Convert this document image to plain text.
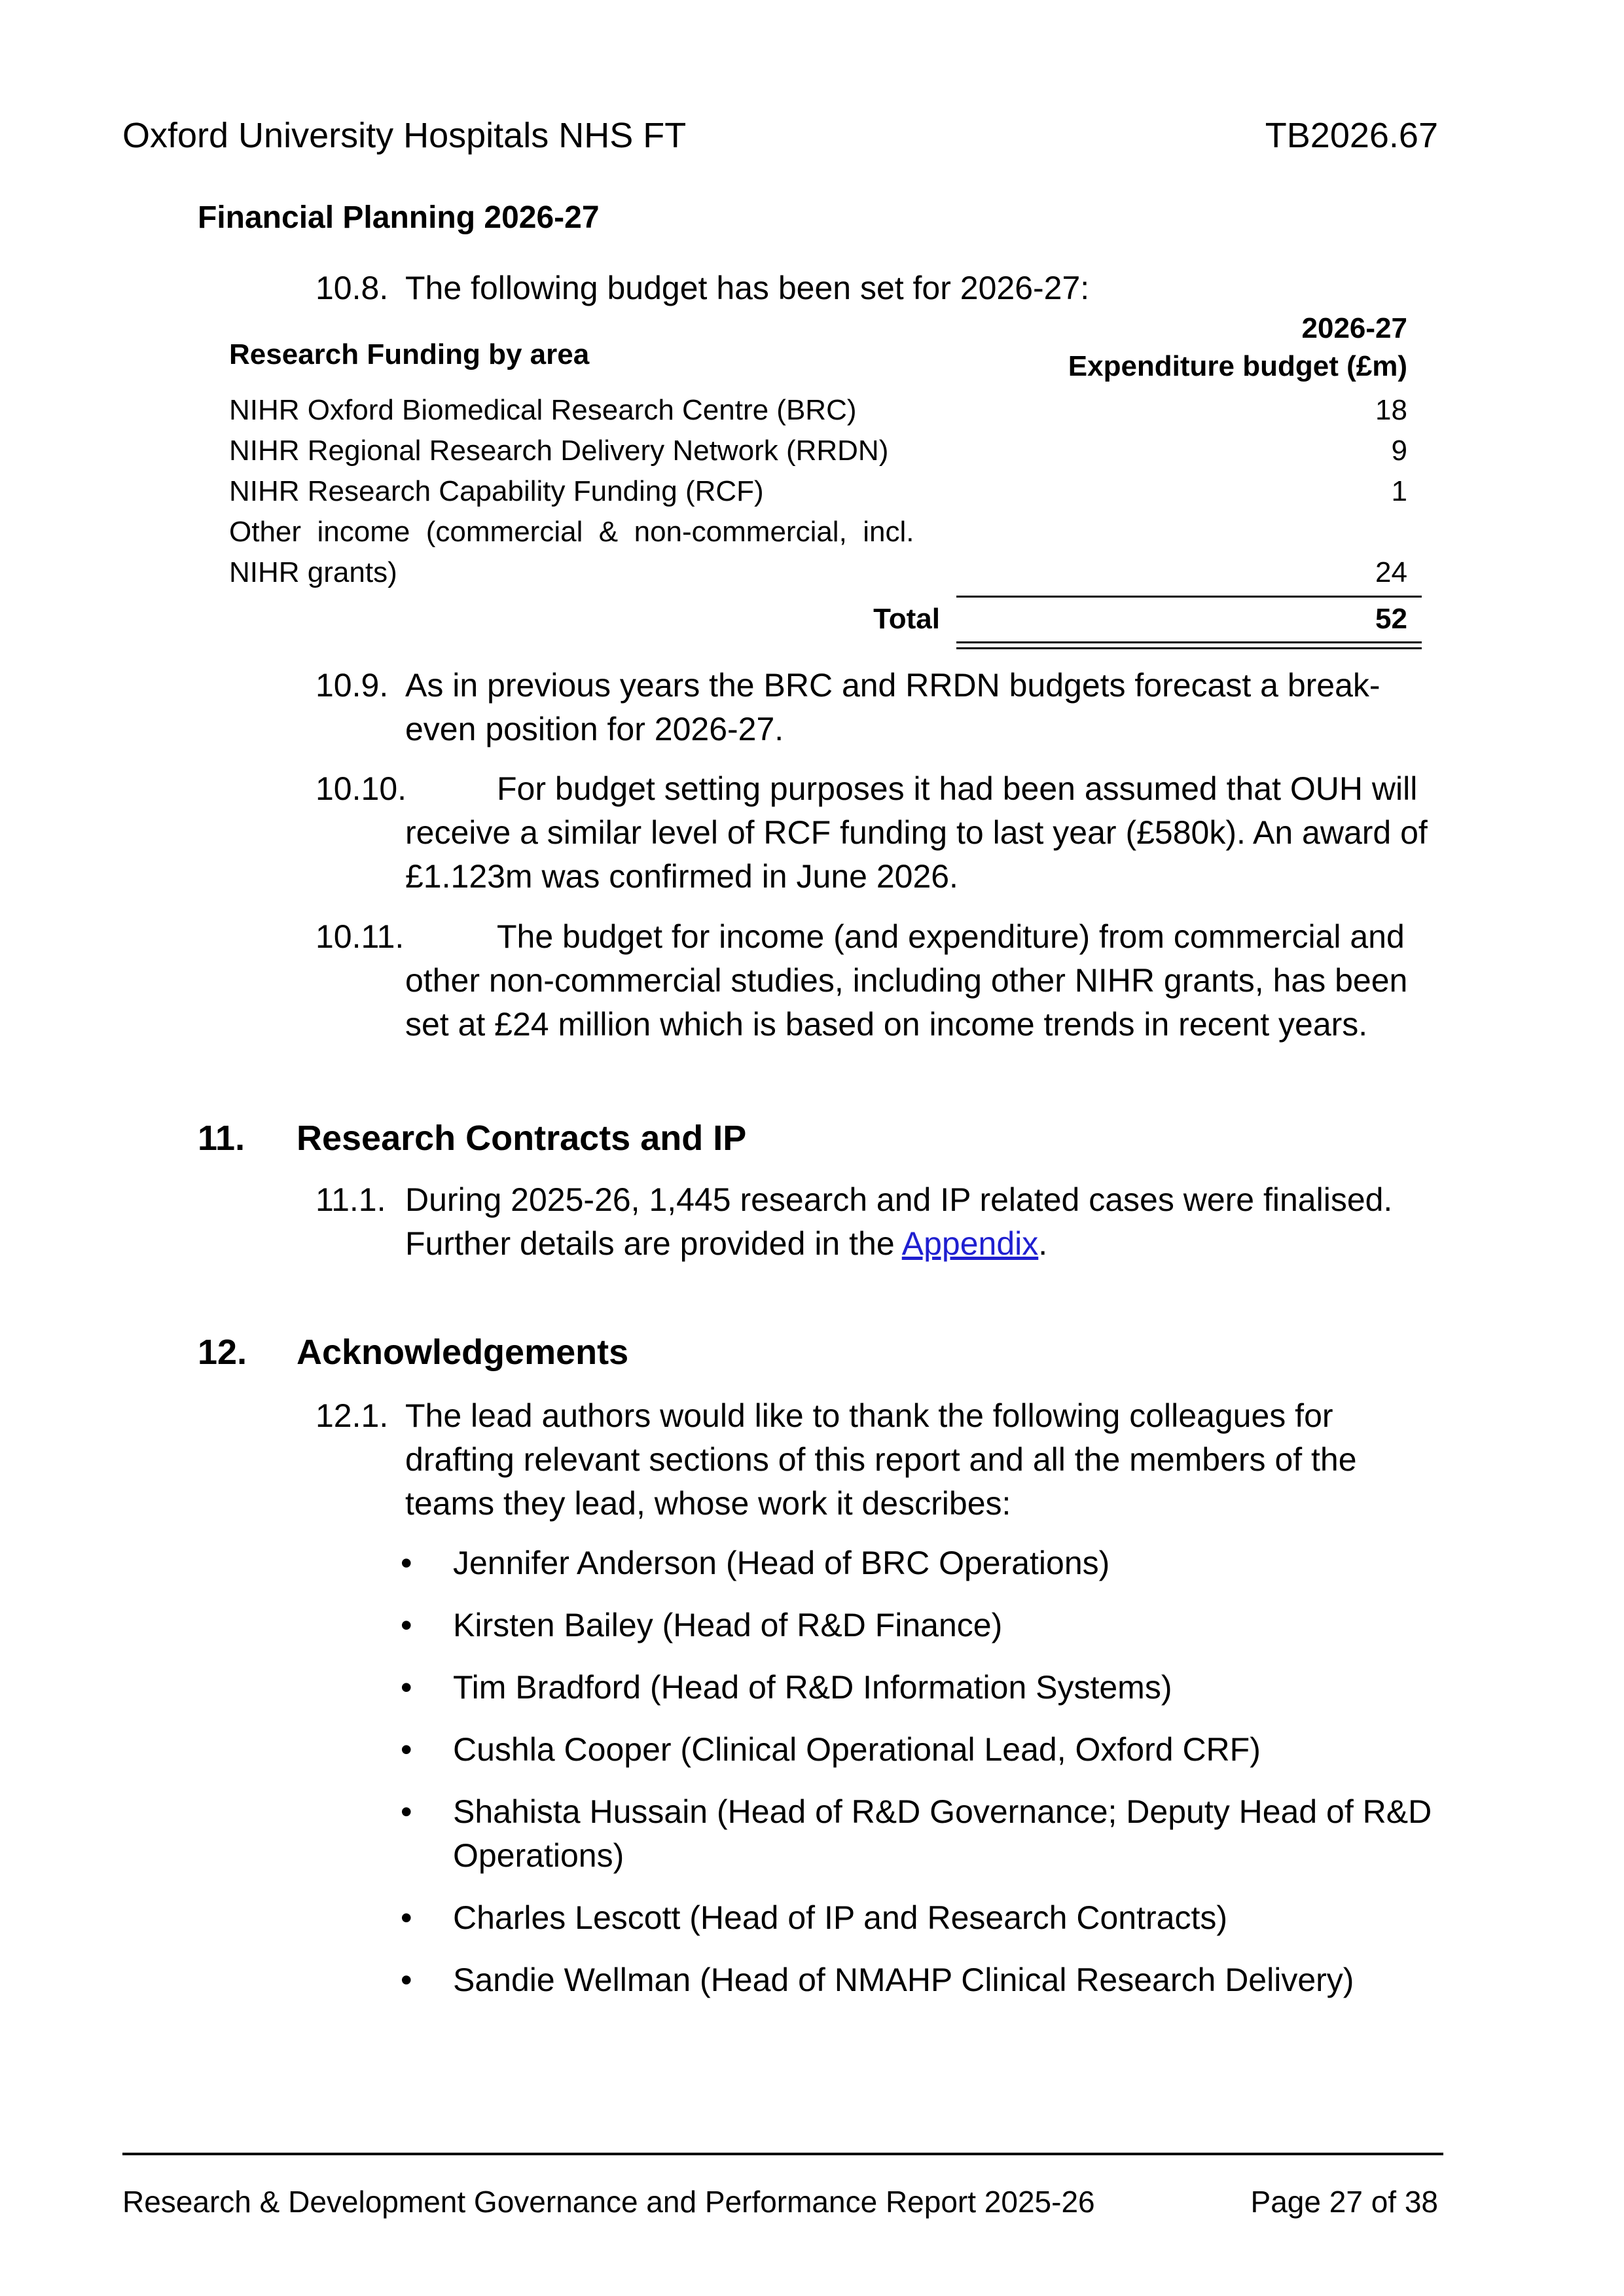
Oxford University Hospitals NHS FT	TB2026.67
Financial Planning 2026-27
10.8. The following budget has been set for 2026-27:
2026-27
Research Funding by area	Expenditure budget (£m)
NIHR Oxford Biomedical Research Centre (BRC)	18
NIHR Regional Research Delivery Network (RRDN)	9
NIHR Research Capability Funding (RCF)	1
Other  income  (commercial  &  non-commercial,  incl.
NIHR grants)	24
Total	52
10.9. As in previous years the BRC and RRDN budgets forecast a break-
even position for 2026-27.
10.10.	For budget setting purposes it had been assumed that OUH will
receive a similar level of RCF funding to last year (£580k). An award of
£1.123m was confirmed in June 2026.
10.11.	The budget for income (and expenditure) from commercial and
other non-commercial studies, including other NIHR grants, has been
set at £24 million which is based on income trends in recent years.
11. Research Contracts and IP
11.1. During 2025-26, 1,445 research and IP related cases were finalised.
Further details are provided in the Appendix.
12. Acknowledgements
12.1. The lead authors would like to thank the following colleagues for
drafting relevant sections of this report and all the members of the
teams they lead, whose work it describes:
• Jennifer Anderson (Head of BRC Operations)
• Kirsten Bailey (Head of R&D Finance)
• Tim Bradford (Head of R&D Information Systems)
• Cushla Cooper (Clinical Operational Lead, Oxford CRF)
• Shahista Hussain (Head of R&D Governance; Deputy Head of R&D
Operations)
• Charles Lescott (Head of IP and Research Contracts)
• Sandie Wellman (Head of NMAHP Clinical Research Delivery)
Research & Development Governance and Performance Report 2025-26	Page 27 of 38
